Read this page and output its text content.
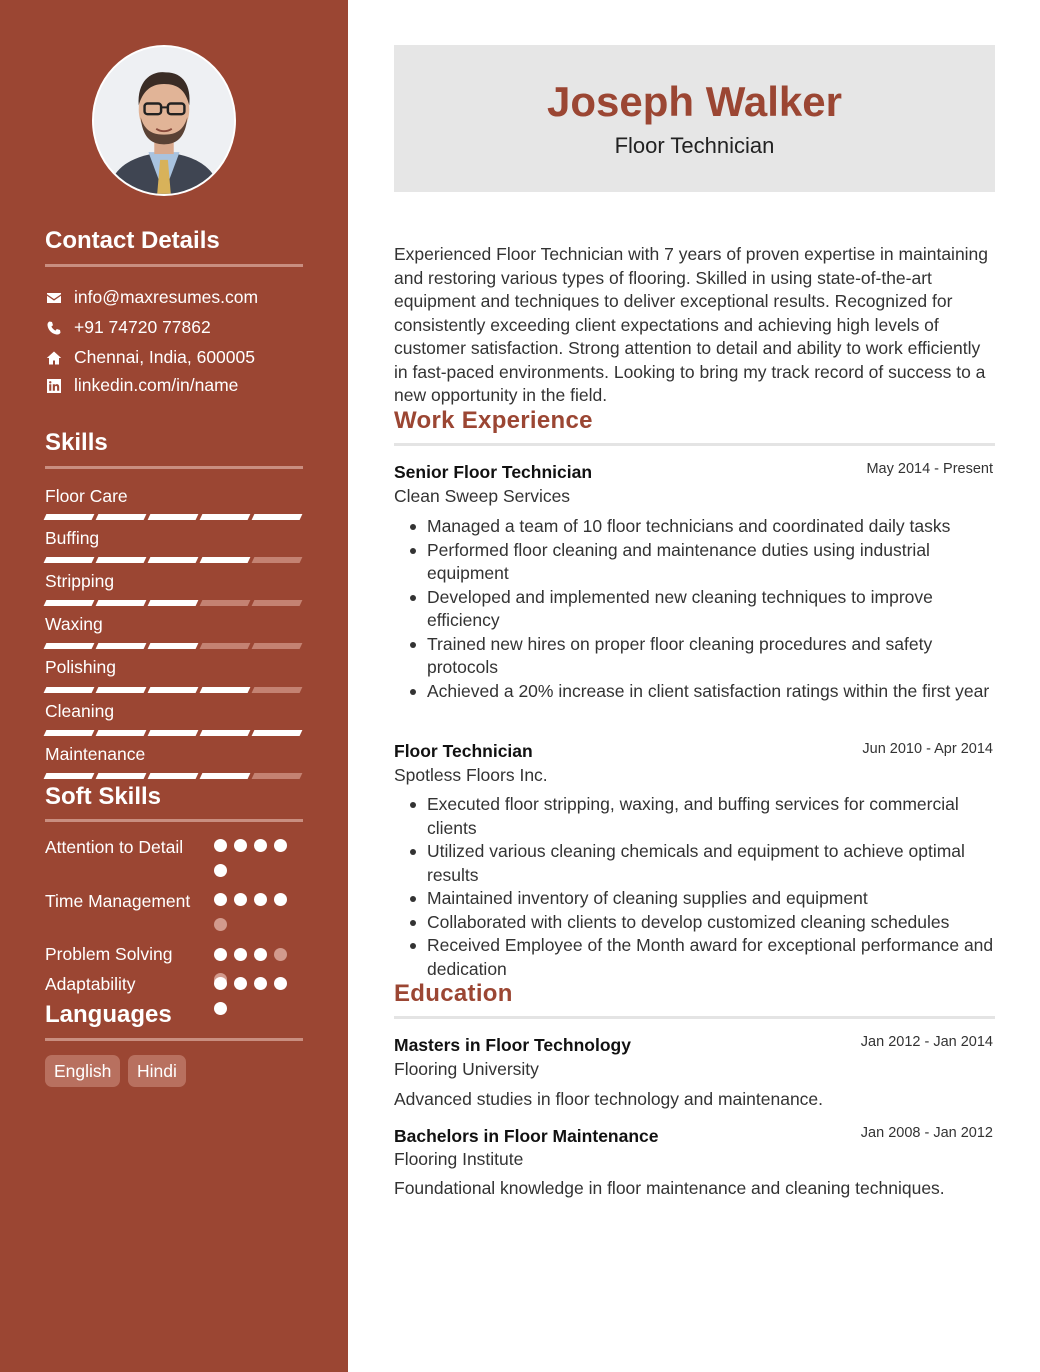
Contact Details
info@maxresumes.com
+91 74720 77862
Chennai, India, 600005
linkedin.com/in/name
Skills
Floor Care
Buffing
Stripping
Waxing
Polishing
Cleaning
Maintenance
Soft Skills
Attention to Detail
Time Management
Problem Solving
Adaptability
Languages
English	Hindi
Joseph Walker
Floor Technician

Experienced Floor Technician with 7 years of proven expertise in maintaining and restoring various types of flooring. Skilled in using state-of-the-art equipment and techniques to deliver exceptional results. Recognized for consistently exceeding client expectations and achieving high levels of customer satisfaction. Strong attention to detail and ability to work efficiently in fast-paced environments. Looking to bring my track record of success to a new opportunity in the field.

Work Experience
Senior Floor Technician	May 2014 - Present
Clean Sweep Services
Managed a team of 10 floor technicians and coordinated daily tasks
Performed floor cleaning and maintenance duties using industrial equipment
Developed and implemented new cleaning techniques to improve efficiency
Trained new hires on proper floor cleaning procedures and safety protocols
Achieved a 20% increase in client satisfaction ratings within the first year
Floor Technician	Jun 2010 - Apr 2014
Spotless Floors Inc.
Executed floor stripping, waxing, and buffing services for commercial clients
Utilized various cleaning chemicals and equipment to achieve optimal results
Maintained inventory of cleaning supplies and equipment
Collaborated with clients to develop customized cleaning schedules
Received Employee of the Month award for exceptional performance and dedication
Education
Masters in Floor Technology	Jan 2012 - Jan 2014
Flooring University
Advanced studies in floor technology and maintenance.
Bachelors in Floor Maintenance	Jan 2008 - Jan 2012
Flooring Institute
Foundational knowledge in floor maintenance and cleaning techniques.
